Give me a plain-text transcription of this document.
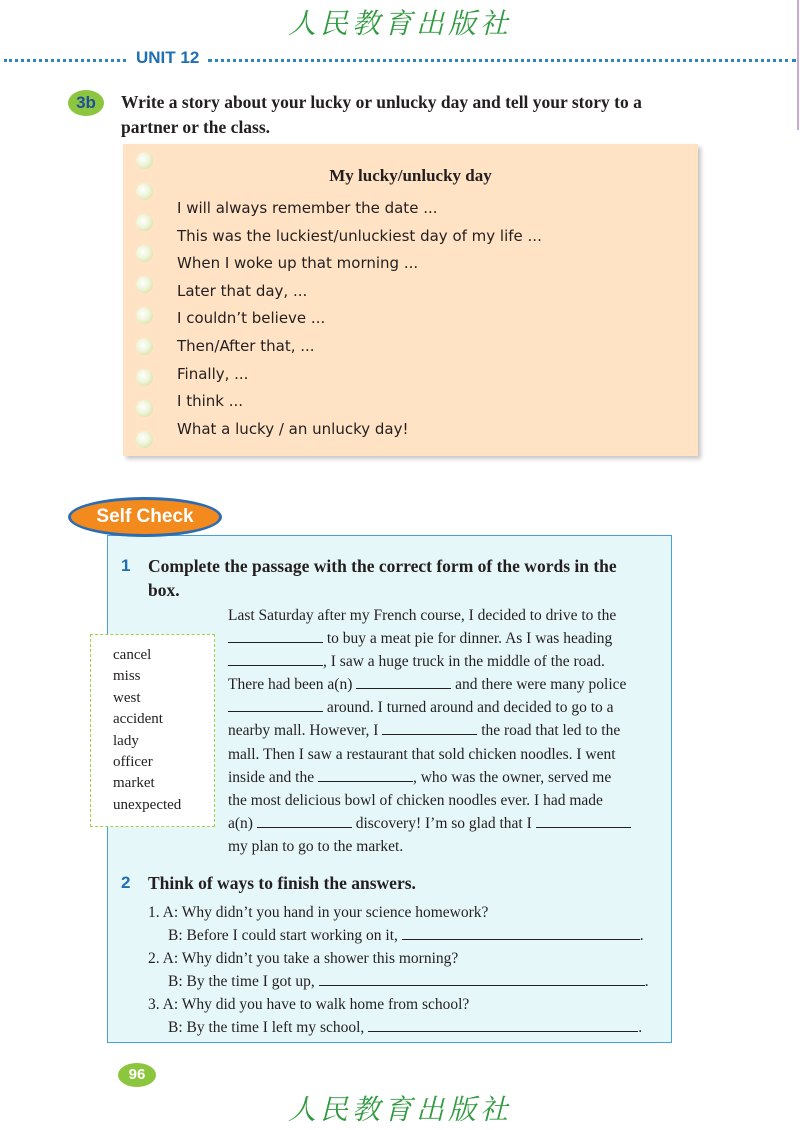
人民教育出版社
UNIT 12
3b	Write a story about your lucky or unlucky day and tell your story to a
partner or the class.
My lucky/unlucky day
I will always remember the date ...
This was the luckiest/unluckiest day of my life ...
When I woke up that morning ...
Later that day, ...
I couldn’t believe ...
Then/After that, ...
Finally, ...
I think ...
What a lucky / an unlucky day!
Self Check
1 Complete the passage with the correct form of the words in the
box.
cancel
miss
west
accident
lady
officer
market
unexpected
Last Saturday after my French course, I decided to drive to the
to buy a meat pie for dinner. As I was heading
, I saw a huge truck in the middle of the road.
There had been a(n)	and there were many police
around. I turned around and decided to go to a
nearby mall. However, I	the road that led to the
mall. Then I saw a restaurant that sold chicken noodles. I went
inside and the	, who was the owner, served me
the most delicious bowl of chicken noodles ever. I had made
a(n)	discovery! I’m so glad that I
my plan to go to the market.
2 Think of ways to finish the answers.
1. A: Why didn’t you hand in your science homework?
B: Before I could start working on it,	.
2. A: Why didn’t you take a shower this morning?
B: By the time I got up,	.
3. A: Why did you have to walk home from school?
B: By the time I left my school,	.
96
人民教育出版社
